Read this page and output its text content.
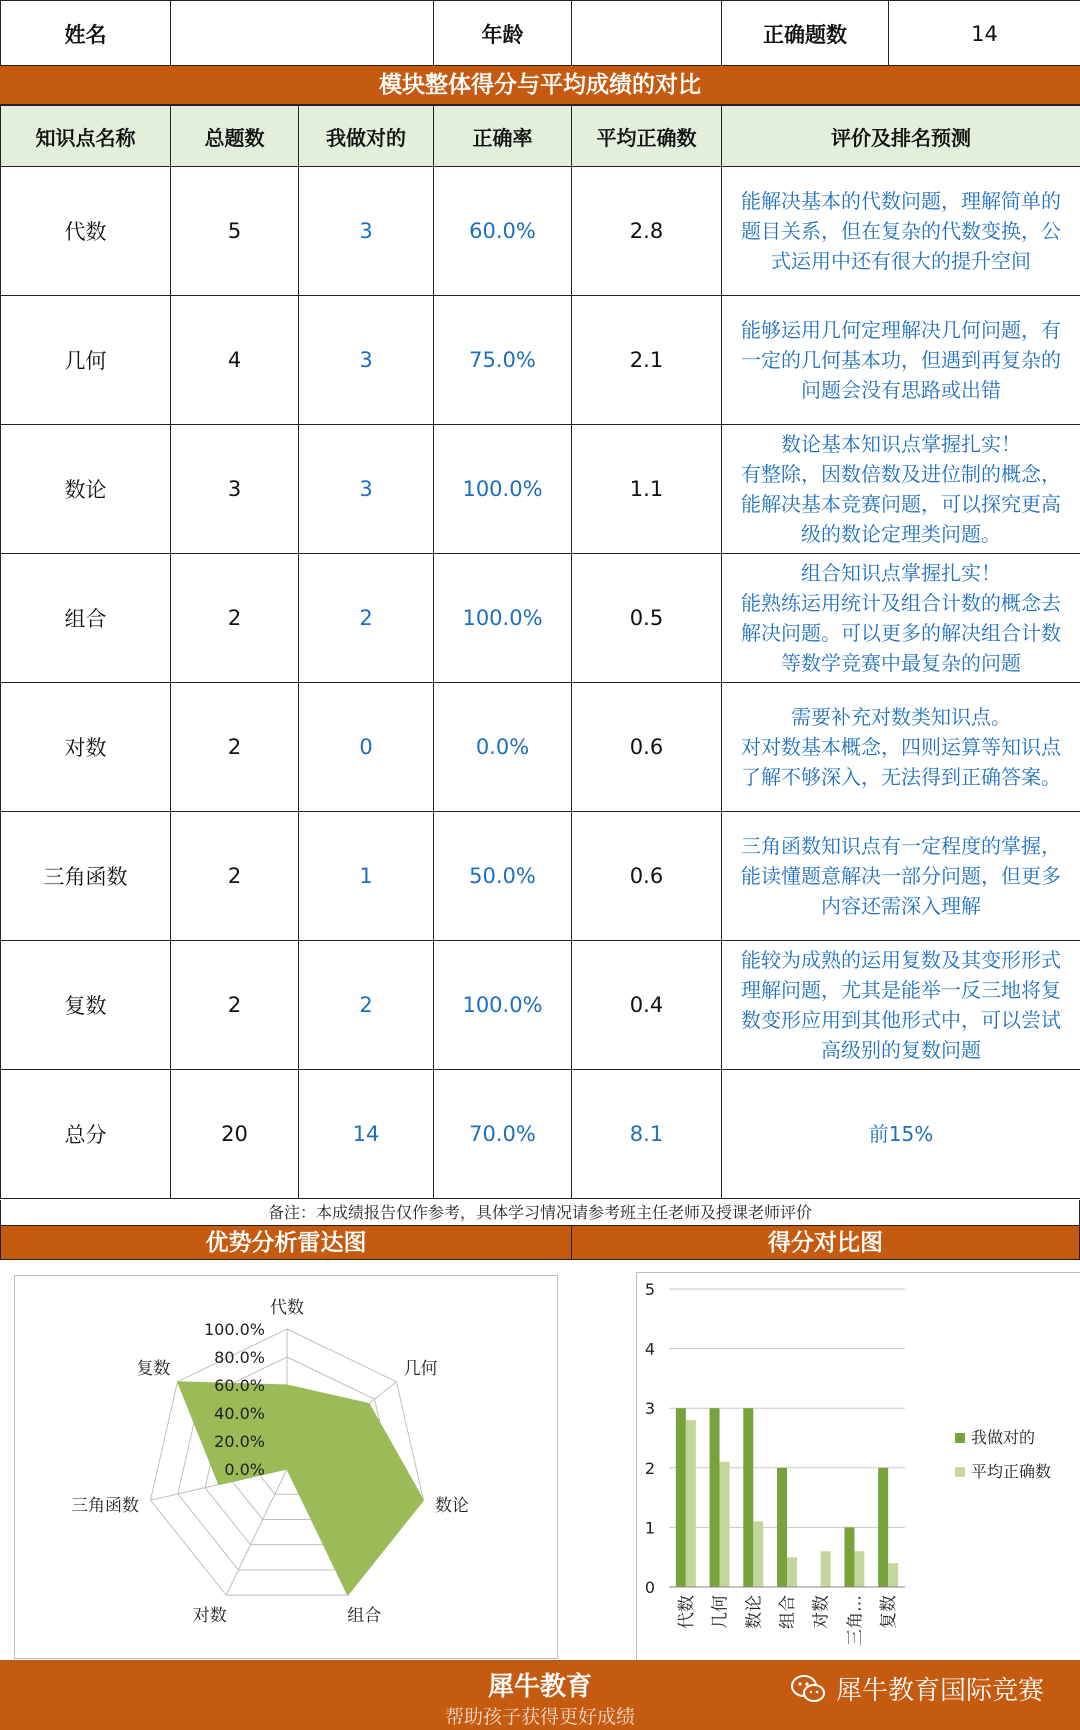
姓名		年龄		正确题数	14
模块整体得分与平均成绩的对比
知识点名称	总题数	我做对的	正确率	平均正确数	评价及排名预测
代数	5	3	60.0%	2.8	能解决基本的代数问题，理解简单的题目关系，但在复杂的代数变换，公式运用中还有很大的提升空间
几何	4	3	75.0%	2.1	能够运用几何定理解决几何问题，有一定的几何基本功，但遇到再复杂的问题会没有思路或出错
数论	3	3	100.0%	1.1	数论基本知识点掌握扎实！
有整除，因数倍数及进位制的概念，能解决基本竞赛问题，可以探究更高级的数论定理类问题。
组合	2	2	100.0%	0.5	组合知识点掌握扎实！
能熟练运用统计及组合计数的概念去解决问题。可以更多的解决组合计数等数学竞赛中最复杂的问题
对数	2	0	0.0%	0.6	需要补充对数类知识点。
对对数基本概念，四则运算等知识点了解不够深入，无法得到正确答案。
三角函数	2	1	50.0%	0.6	三角函数知识点有一定程度的掌握，能读懂题意解决一部分问题，但更多内容还需深入理解
复数	2	2	100.0%	0.4	能较为成熟的运用复数及其变形形式理解问题，尤其是能举一反三地将复数变形应用到其他形式中，可以尝试高级别的复数问题
总分	20	14	70.0%	8.1	前15%
备注：本成绩报告仅作参考，具体学习情况请参考班主任老师及授课老师评价
优势分析雷达图	得分对比图
代数
几何
数论
组合
对数
三角函数
复数
0.0%
20.0%
40.0%
60.0%
80.0%
100.0%
0
1
2
3
4
5
代数 几何 数论 组合 对数 三角… 复数
我做对的
平均正确数
犀牛教育
帮助孩子获得更好成绩
犀牛教育国际竞赛
